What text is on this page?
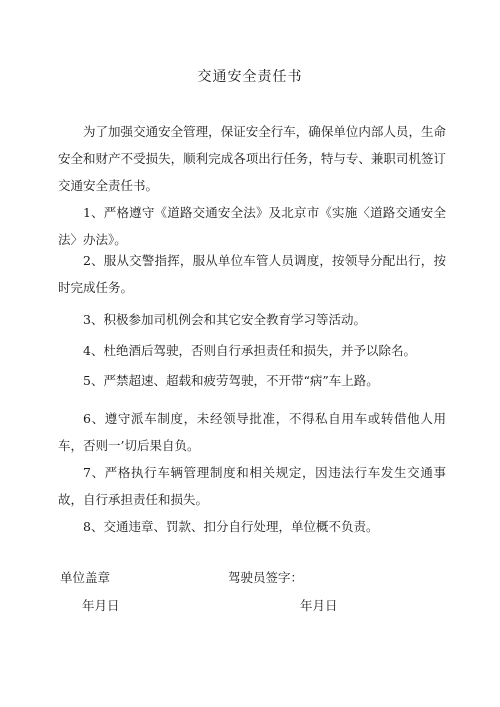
交通安全责任书

为了加强交通安全管理，保证安全行车，确保单位内部人员，生命安全和财产不受损失，顺利完成各项出行任务，特与专、兼职司机签订交通安全责任书。

1、严格遵守《道路交通安全法》及北京市《实施〈道路交通安全法〉办法》。

2、服从交警指挥，服从单位车管人员调度，按领导分配出行，按时完成任务。

3、积极参加司机例会和其它安全教育学习等活动。

4、杜绝酒后驾驶，否则自行承担责任和损失，并予以除名。

5、严禁超速、超载和疲劳驾驶，不开带“病”车上路。

6、遵守派车制度，未经领导批准，不得私自用车或转借他人用车，否则一’切后果自负。

7、严格执行车辆管理制度和相关规定，因违法行车发生交通事故，自行承担责任和损失。

8、交通违章、罚款、扣分自行处理，单位概不负责。

单位盖章	驾驶员签字：
年月日	年月日
